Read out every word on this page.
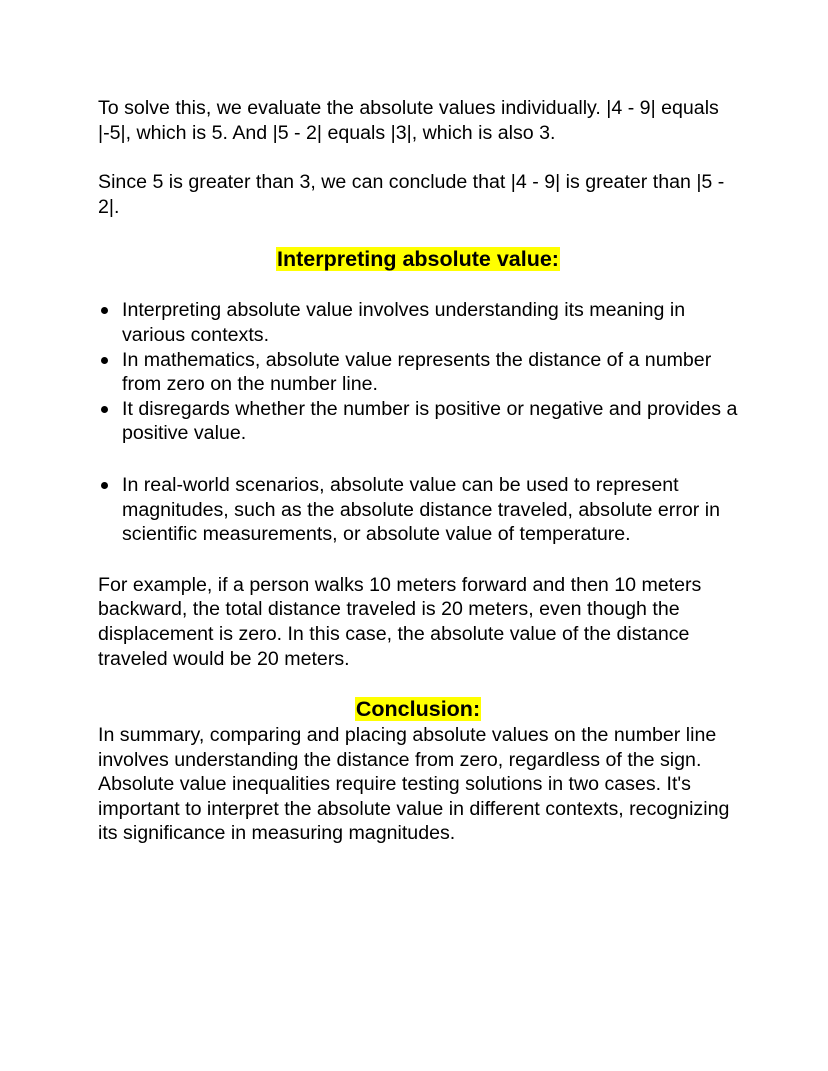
To solve this, we evaluate the absolute values individually. |4 - 9| equals |-5|, which is 5. And |5 - 2| equals |3|, which is also 3.

Since 5 is greater than 3, we can conclude that |4 - 9| is greater than |5 - 2|.

Interpreting absolute value:
Interpreting absolute value involves understanding its meaning in various contexts.
In mathematics, absolute value represents the distance of a number from zero on the number line.
It disregards whether the number is positive or negative and provides a positive value.
In real-world scenarios, absolute value can be used to represent magnitudes, such as the absolute distance traveled, absolute error in scientific measurements, or absolute value of temperature.

For example, if a person walks 10 meters forward and then 10 meters backward, the total distance traveled is 20 meters, even though the displacement is zero. In this case, the absolute value of the distance traveled would be 20 meters.

Conclusion:

In summary, comparing and placing absolute values on the number line involves understanding the distance from zero, regardless of the sign. Absolute value inequalities require testing solutions in two cases. It's important to interpret the absolute value in different contexts, recognizing its significance in measuring magnitudes.
